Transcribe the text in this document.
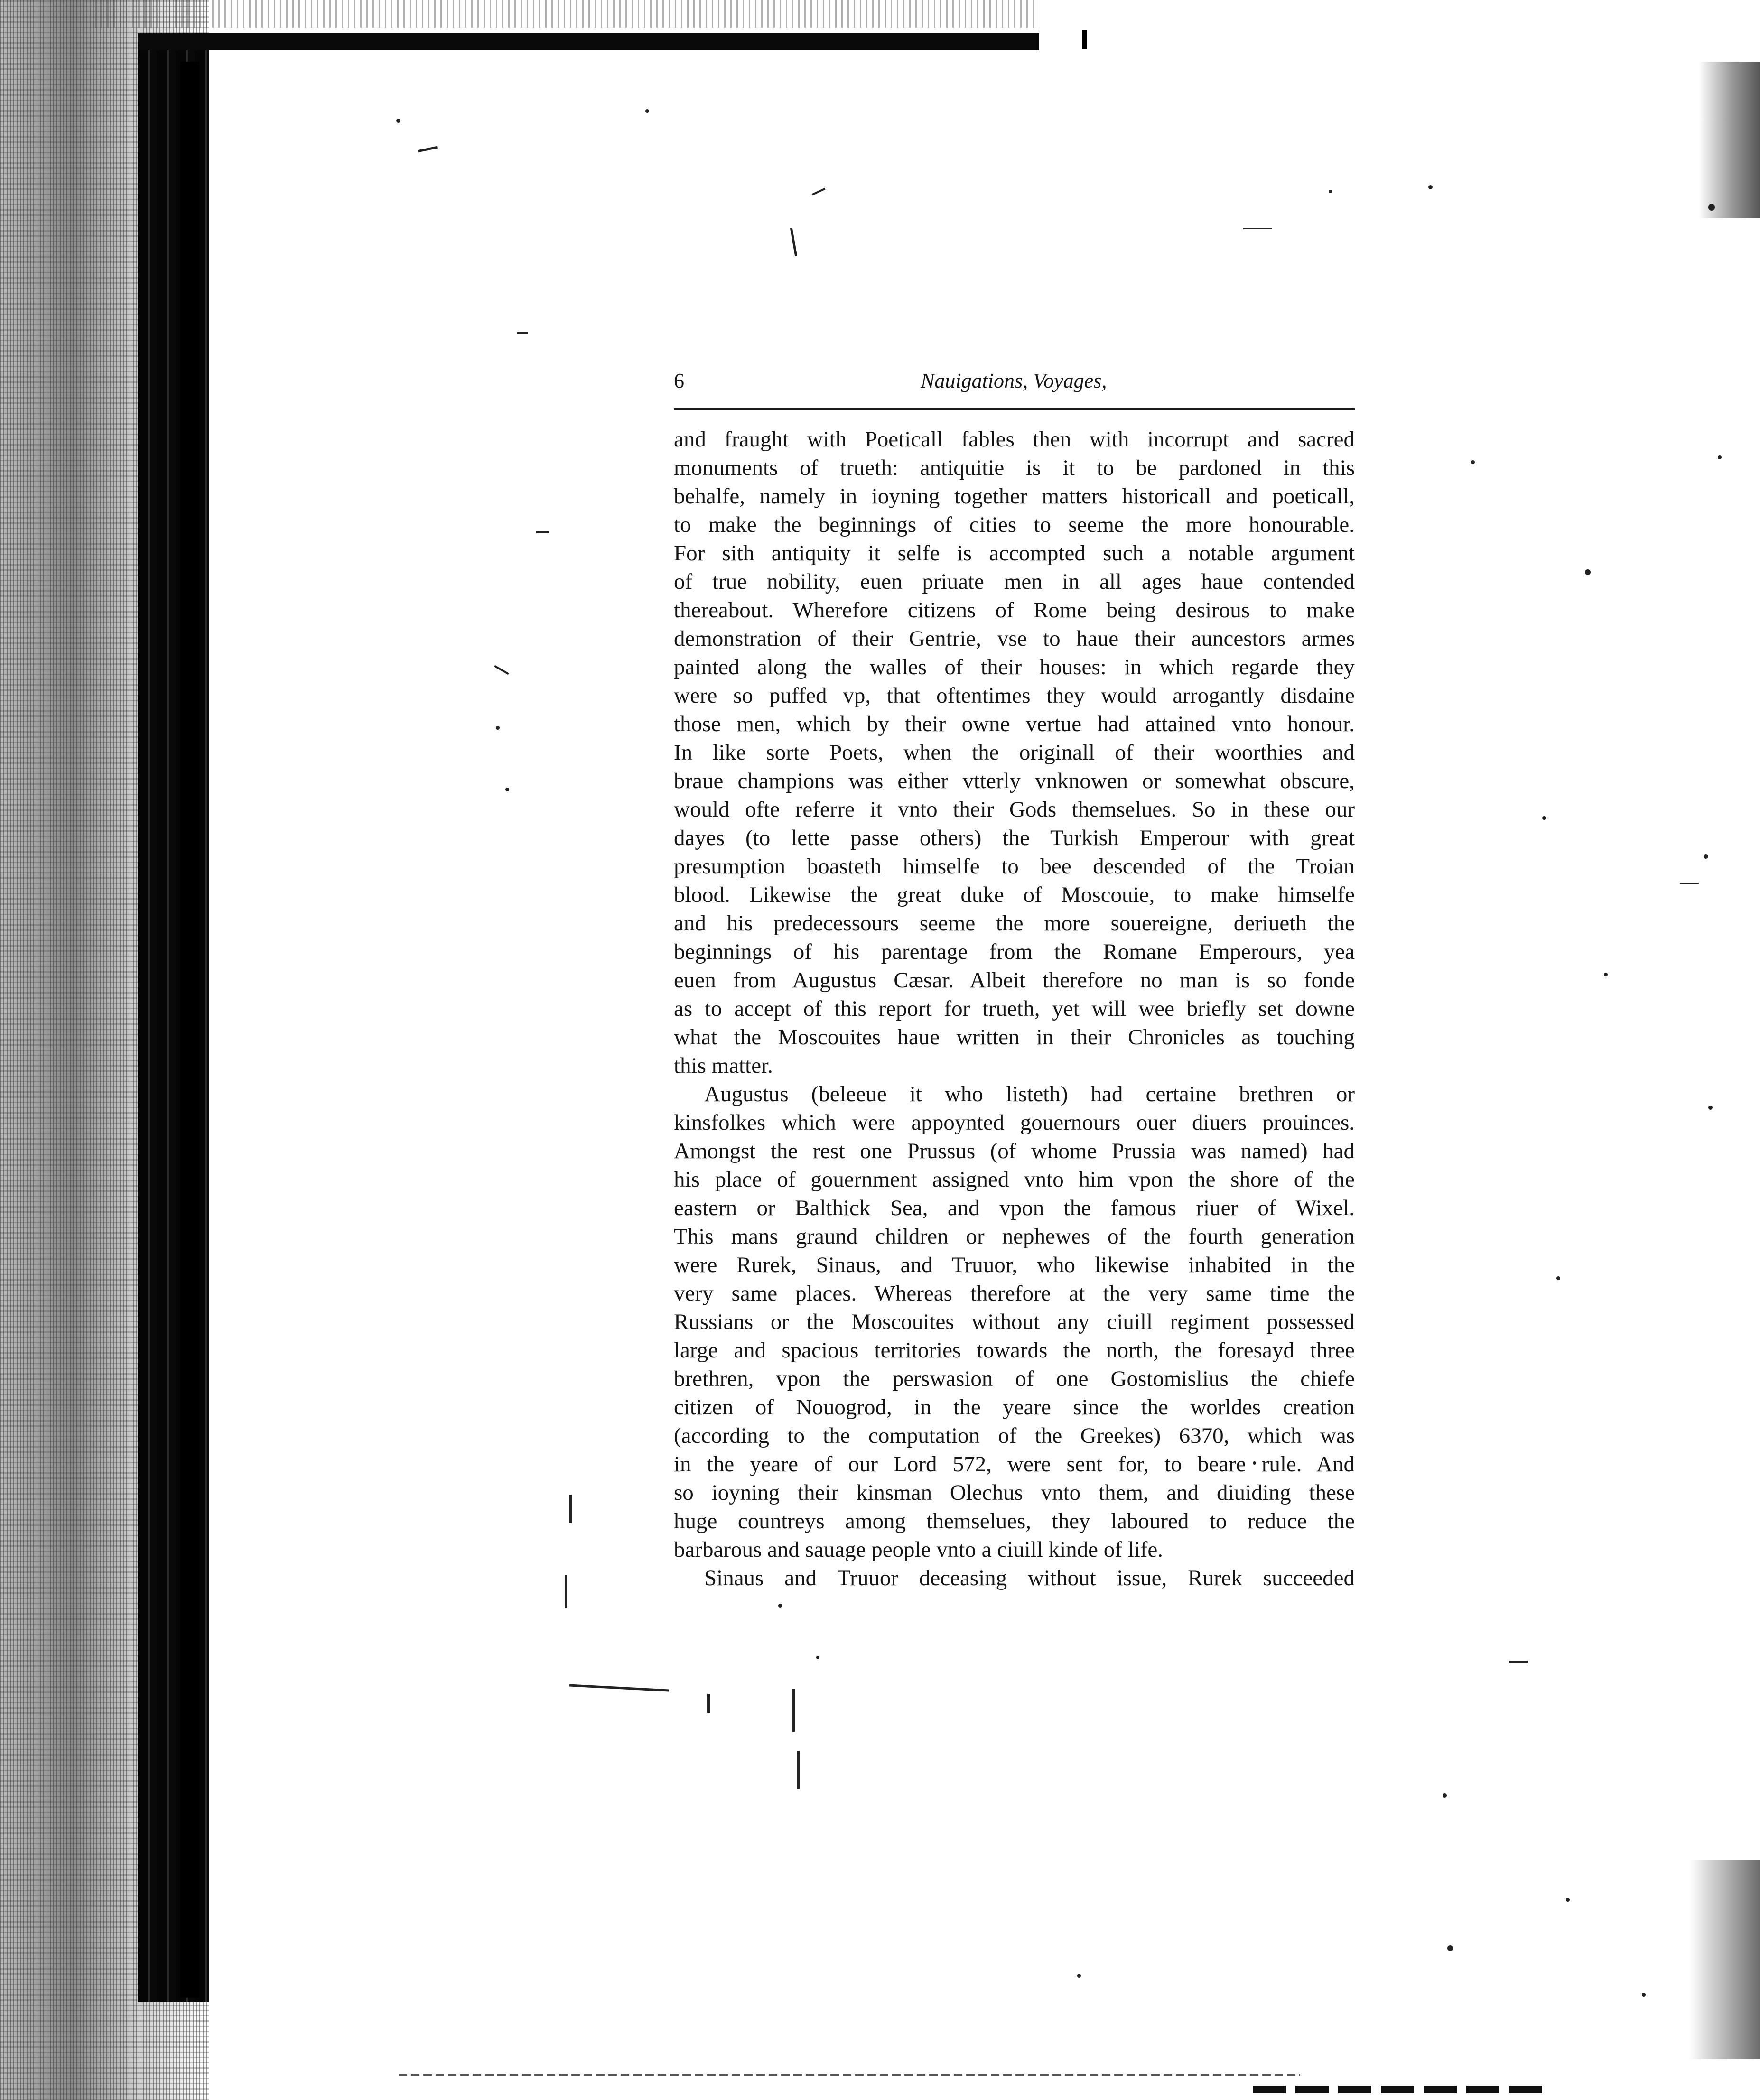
6	Nauigations, Voyages,
and fraught with Poeticall fables then with incorrupt and sacred
monuments of trueth: antiquitie is it to be pardoned in this
behalfe, namely in ioyning together matters historicall and poeticall,
to make the beginnings of cities to seeme the more honourable.
For sith antiquity it selfe is accompted such a notable argument
of true nobility, euen priuate men in all ages haue contended
thereabout. Wherefore citizens of Rome being desirous to make
demonstration of their Gentrie, vse to haue their auncestors armes
painted along the walles of their houses: in which regarde they
were so puffed vp, that oftentimes they would arrogantly disdaine
those men, which by their owne vertue had attained vnto honour.
In like sorte Poets, when the originall of their woorthies and
braue champions was either vtterly vnknowen or somewhat obscure,
would ofte referre it vnto their Gods themselues. So in these our
dayes (to lette passe others) the Turkish Emperour with great
presumption boasteth himselfe to bee descended of the Troian
blood. Likewise the great duke of Moscouie, to make himselfe
and his predecessours seeme the more souereigne, deriueth the
beginnings of his parentage from the Romane Emperours, yea
euen from Augustus Cæsar. Albeit therefore no man is so fonde
as to accept of this report for trueth, yet will wee briefly set downe
what the Moscouites haue written in their Chronicles as touching
this matter.
Augustus (beleeue it who listeth) had certaine brethren or
kinsfolkes which were appoynted gouernours ouer diuers prouinces.
Amongst the rest one Prussus (of whome Prussia was named) had
his place of gouernment assigned vnto him vpon the shore of the
eastern or Balthick Sea, and vpon the famous riuer of Wixel.
This mans graund children or nephewes of the fourth generation
were Rurek, Sinaus, and Truuor, who likewise inhabited in the
very same places. Whereas therefore at the very same time the
Russians or the Moscouites without any ciuill regiment possessed
large and spacious territories towards the north, the foresayd three
brethren, vpon the perswasion of one Gostomislius the chiefe
citizen of Nouogrod, in the yeare since the worldes creation
(according to the computation of the Greekes) 6370, which was
in the yeare of our Lord 572, were sent for, to beare rule. And
so ioyning their kinsman Olechus vnto them, and diuiding these
huge countreys among themselues, they laboured to reduce the
barbarous and sauage people vnto a ciuill kinde of life.
Sinaus and Truuor deceasing without issue, Rurek succeeded
